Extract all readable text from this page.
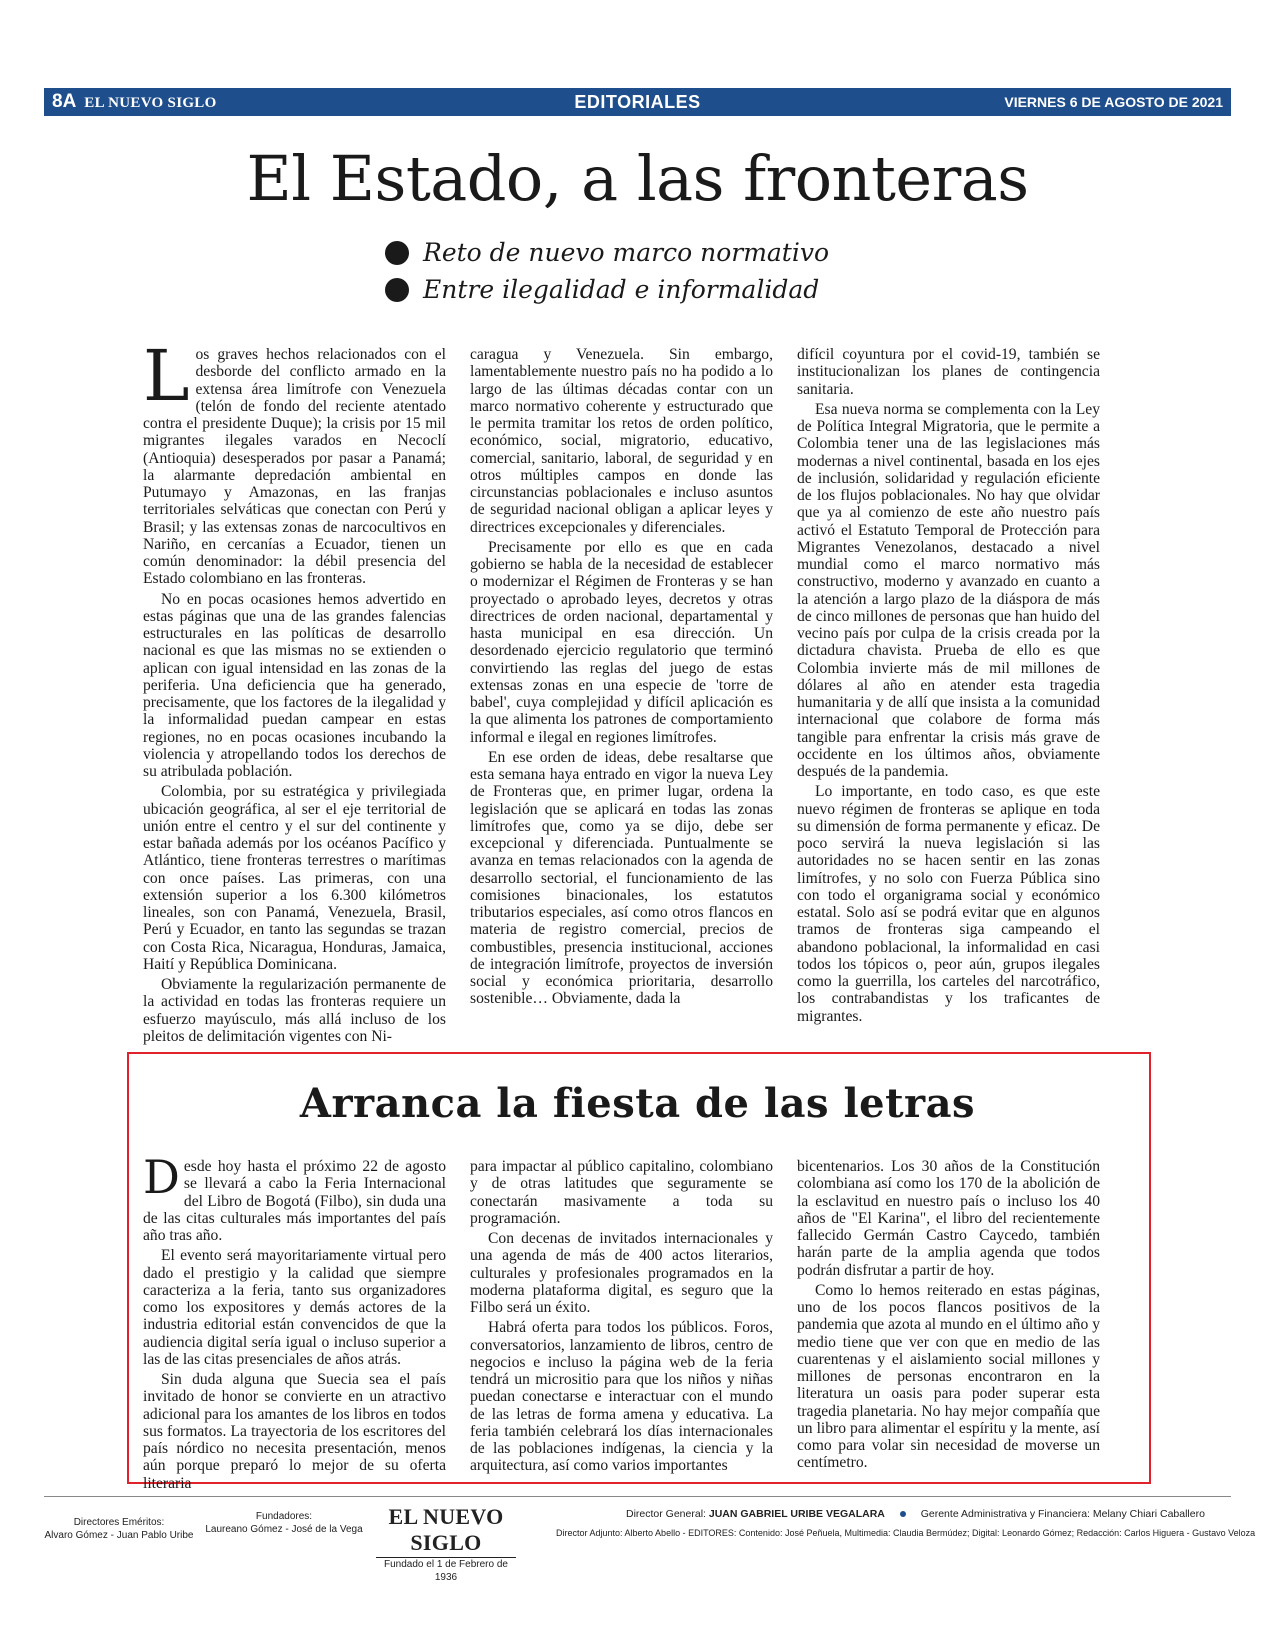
8A EL NUEVO SIGLO	EDITORIALES	VIERNES 6 DE AGOSTO DE 2021
El Estado, a las fronteras
Reto de nuevo marco normativo
Entre ilegalidad e informalidad

Los graves hechos relacionados con el desborde del conflicto armado en la extensa área limítrofe con Venezuela (telón de fondo del reciente atentado contra el presidente Duque); la crisis por 15 mil migrantes ilegales varados en Necoclí (Antioquia) desesperados por pasar a Panamá; la alarmante depredación ambiental en Putumayo y Amazonas, en las franjas territoriales selváticas que conectan con Perú y Brasil; y las extensas zonas de narcocultivos en Nariño, en cercanías a Ecuador, tienen un común denominador: la débil presencia del Estado colombiano en las fronteras.

No en pocas ocasiones hemos advertido en estas páginas que una de las grandes falencias estructurales en las políticas de desarrollo nacional es que las mismas no se extienden o aplican con igual intensidad en las zonas de la periferia. Una deficiencia que ha generado, precisamente, que los factores de la ilegalidad y la informalidad puedan campear en estas regiones, no en pocas ocasiones incubando la violencia y atropellando todos los derechos de su atribulada población.

Colombia, por su estratégica y privilegiada ubicación geográfica, al ser el eje territorial de unión entre el centro y el sur del continente y estar bañada además por los océanos Pacífico y Atlántico, tiene fronteras terrestres o marítimas con once países. Las primeras, con una extensión superior a los 6.300 kilómetros lineales, son con Panamá, Venezuela, Brasil, Perú y Ecuador, en tanto las segundas se trazan con Costa Rica, Nicaragua, Honduras, Jamaica, Haití y República Dominicana.

Obviamente la regularización permanente de la actividad en todas las fronteras requiere un esfuerzo mayúsculo, más allá incluso de los pleitos de delimitación vigentes con Ni-

caragua y Venezuela. Sin embargo, lamentablemente nuestro país no ha podido a lo largo de las últimas décadas contar con un marco normativo coherente y estructurado que le permita tramitar los retos de orden político, económico, social, migratorio, educativo, comercial, sanitario, laboral, de seguridad y en otros múltiples campos en donde las circunstancias poblacionales e incluso asuntos de seguridad nacional obligan a aplicar leyes y directrices excepcionales y diferenciales.

Precisamente por ello es que en cada gobierno se habla de la necesidad de establecer o modernizar el Régimen de Fronteras y se han proyectado o aprobado leyes, decretos y otras directrices de orden nacional, departamental y hasta municipal en esa dirección. Un desordenado ejercicio regulatorio que terminó convirtiendo las reglas del juego de estas extensas zonas en una especie de 'torre de babel', cuya complejidad y difícil aplicación es la que alimenta los patrones de comportamiento informal e ilegal en regiones limítrofes.

En ese orden de ideas, debe resaltarse que esta semana haya entrado en vigor la nueva Ley de Fronteras que, en primer lugar, ordena la legislación que se aplicará en todas las zonas limítrofes que, como ya se dijo, debe ser excepcional y diferenciada. Puntualmente se avanza en temas relacionados con la agenda de desarrollo sectorial, el funcionamiento de las comisiones binacionales, los estatutos tributarios especiales, así como otros flancos en materia de registro comercial, precios de combustibles, presencia institucional, acciones de integración limítrofe, proyectos de inversión social y económica prioritaria, desarrollo sostenible… Obviamente, dada la

difícil coyuntura por el covid-19, también se institucionalizan los planes de contingencia sanitaria.

Esa nueva norma se complementa con la Ley de Política Integral Migratoria, que le permite a Colombia tener una de las legislaciones más modernas a nivel continental, basada en los ejes de inclusión, solidaridad y regulación eficiente de los flujos poblacionales. No hay que olvidar que ya al comienzo de este año nuestro país activó el Estatuto Temporal de Protección para Migrantes Venezolanos, destacado a nivel mundial como el marco normativo más constructivo, moderno y avanzado en cuanto a la atención a largo plazo de la diáspora de más de cinco millones de personas que han huido del vecino país por culpa de la crisis creada por la dictadura chavista. Prueba de ello es que Colombia invierte más de mil millones de dólares al año en atender esta tragedia humanitaria y de allí que insista a la comunidad internacional que colabore de forma más tangible para enfrentar la crisis más grave de occidente en los últimos años, obviamente después de la pandemia.

Lo importante, en todo caso, es que este nuevo régimen de fronteras se aplique en toda su dimensión de forma permanente y eficaz. De poco servirá la nueva legislación si las autoridades no se hacen sentir en las zonas limítrofes, y no solo con Fuerza Pública sino con todo el organigrama social y económico estatal. Solo así se podrá evitar que en algunos tramos de fronteras siga campeando el abandono poblacional, la informalidad en casi todos los tópicos o, peor aún, grupos ilegales como la guerrilla, los carteles del narcotráfico, los contrabandistas y los traficantes de migrantes.

Arranca la fiesta de las letras

Desde hoy hasta el próximo 22 de agosto se llevará a cabo la Feria Internacional del Libro de Bogotá (Filbo), sin duda una de las citas culturales más importantes del país año tras año.

El evento será mayoritariamente virtual pero dado el prestigio y la calidad que siempre caracteriza a la feria, tanto sus organizadores como los expositores y demás actores de la industria editorial están convencidos de que la audiencia digital sería igual o incluso superior a las de las citas presenciales de años atrás.

Sin duda alguna que Suecia sea el país invitado de honor se convierte en un atractivo adicional para los amantes de los libros en todos sus formatos. La trayectoria de los escritores del país nórdico no necesita presentación, menos aún porque preparó lo mejor de su oferta literaria

para impactar al público capitalino, colombiano y de otras latitudes que seguramente se conectarán masivamente a toda su programación.

Con decenas de invitados internacionales y una agenda de más de 400 actos literarios, culturales y profesionales programados en la moderna plataforma digital, es seguro que la Filbo será un éxito.

Habrá oferta para todos los públicos. Foros, conversatorios, lanzamiento de libros, centro de negocios e incluso la página web de la feria tendrá un micrositio para que los niños y niñas puedan conectarse e interactuar con el mundo de las letras de forma amena y educativa. La feria también celebrará los días internacionales de las poblaciones indígenas, la ciencia y la arquitectura, así como varios importantes

bicentenarios. Los 30 años de la Constitución colombiana así como los 170 de la abolición de la esclavitud en nuestro país o incluso los 40 años de "El Karina", el libro del recientemente fallecido Germán Castro Caycedo, también harán parte de la amplia agenda que todos podrán disfrutar a partir de hoy.

Como lo hemos reiterado en estas páginas, uno de los pocos flancos positivos de la pandemia que azota al mundo en el último año y medio tiene que ver con que en medio de las cuarentenas y el aislamiento social millones y millones de personas encontraron en la literatura un oasis para poder superar esta tragedia planetaria. No hay mejor compañía que un libro para alimentar el espíritu y la mente, así como para volar sin necesidad de moverse un centímetro.

Directores Eméritos:
Alvaro Gómez - Juan Pablo Uribe
Fundadores:
Laureano Gómez - José de la Vega
EL NUEVO SIGLO
Fundado el 1 de Febrero de 1936
Director General: JUAN GABRIEL URIBE VEGALARA	Gerente Administrativa y Financiera: Melany Chiari Caballero
Director Adjunto: Alberto Abello - EDITORES: Contenido: José Peñuela, Multimedia: Claudia Bermúdez; Digital: Leonardo Gómez; Redacción: Carlos Higuera - Gustavo Veloza
